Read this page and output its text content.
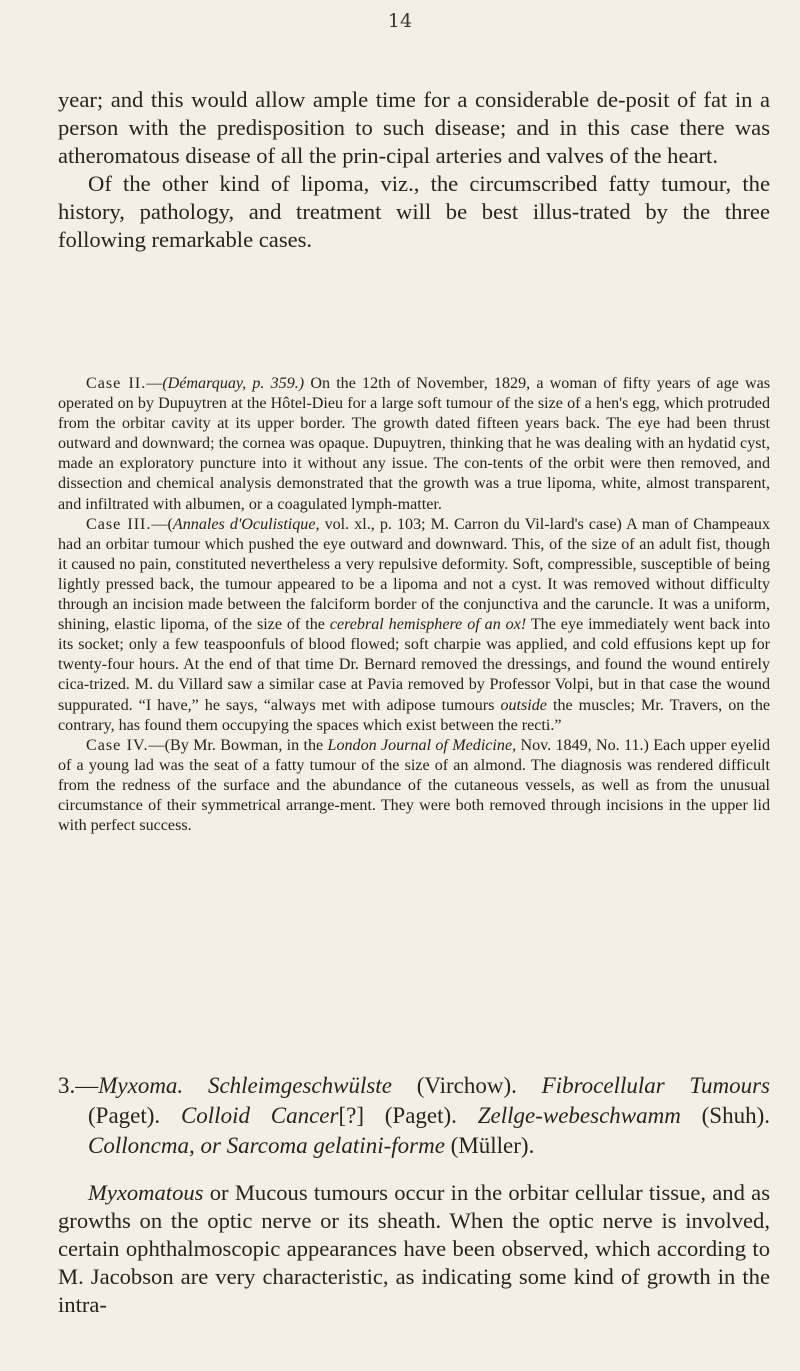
14

year; and this would allow ample time for a considerable de-posit of fat in a person with the predisposition to such disease; and in this case there was atheromatous disease of all the prin-cipal arteries and valves of the heart.

Of the other kind of lipoma, viz., the circumscribed fatty tumour, the history, pathology, and treatment will be best illus-trated by the three following remarkable cases.

Case II.—(Démarquay, p. 359.) On the 12th of November, 1829, a woman of fifty years of age was operated on by Dupuytren at the Hôtel-Dieu for a large soft tumour of the size of a hen's egg, which protruded from the orbitar cavity at its upper border. The growth dated fifteen years back. The eye had been thrust outward and downward; the cornea was opaque. Dupuytren, thinking that he was dealing with an hydatid cyst, made an exploratory puncture into it without any issue. The con-tents of the orbit were then removed, and dissection and chemical analysis demonstrated that the growth was a true lipoma, white, almost transparent, and infiltrated with albumen, or a coagulated lymph-matter.

Case III.—(Annales d'Oculistique, vol. xl., p. 103; M. Carron du Vil-lard's case) A man of Champeaux had an orbitar tumour which pushed the eye outward and downward. This, of the size of an adult fist, though it caused no pain, constituted nevertheless a very repulsive deformity. Soft, compressible, susceptible of being lightly pressed back, the tumour appeared to be a lipoma and not a cyst. It was removed without difficulty through an incision made between the falciform border of the conjunctiva and the caruncle. It was a uniform, shining, elastic lipoma, of the size of the cerebral hemisphere of an ox! The eye immediately went back into its socket; only a few teaspoonfuls of blood flowed; soft charpie was applied, and cold effusions kept up for twenty-four hours. At the end of that time Dr. Bernard removed the dressings, and found the wound entirely cica-trized. M. du Villard saw a similar case at Pavia removed by Professor Volpi, but in that case the wound suppurated. “I have,” he says, “always met with adipose tumours outside the muscles; Mr. Travers, on the contrary, has found them occupying the spaces which exist between the recti.”

Case IV.—(By Mr. Bowman, in the London Journal of Medicine, Nov. 1849, No. 11.) Each upper eyelid of a young lad was the seat of a fatty tumour of the size of an almond. The diagnosis was rendered difficult from the redness of the surface and the abundance of the cutaneous vessels, as well as from the unusual circumstance of their symmetrical arrange-ment. They were both removed through incisions in the upper lid with perfect success.

3.—Myxoma. Schleimgeschwülste (Virchow). Fibrocellular Tumours (Paget). Colloid Cancer[?] (Paget). Zellge-webeschwamm (Shuh). Colloncma, or Sarcoma gelatini-forme (Müller).

Myxomatous or Mucous tumours occur in the orbitar cellular tissue, and as growths on the optic nerve or its sheath. When the optic nerve is involved, certain ophthalmoscopic appearances have been observed, which according to M. Jacobson are very characteristic, as indicating some kind of growth in the intra-
